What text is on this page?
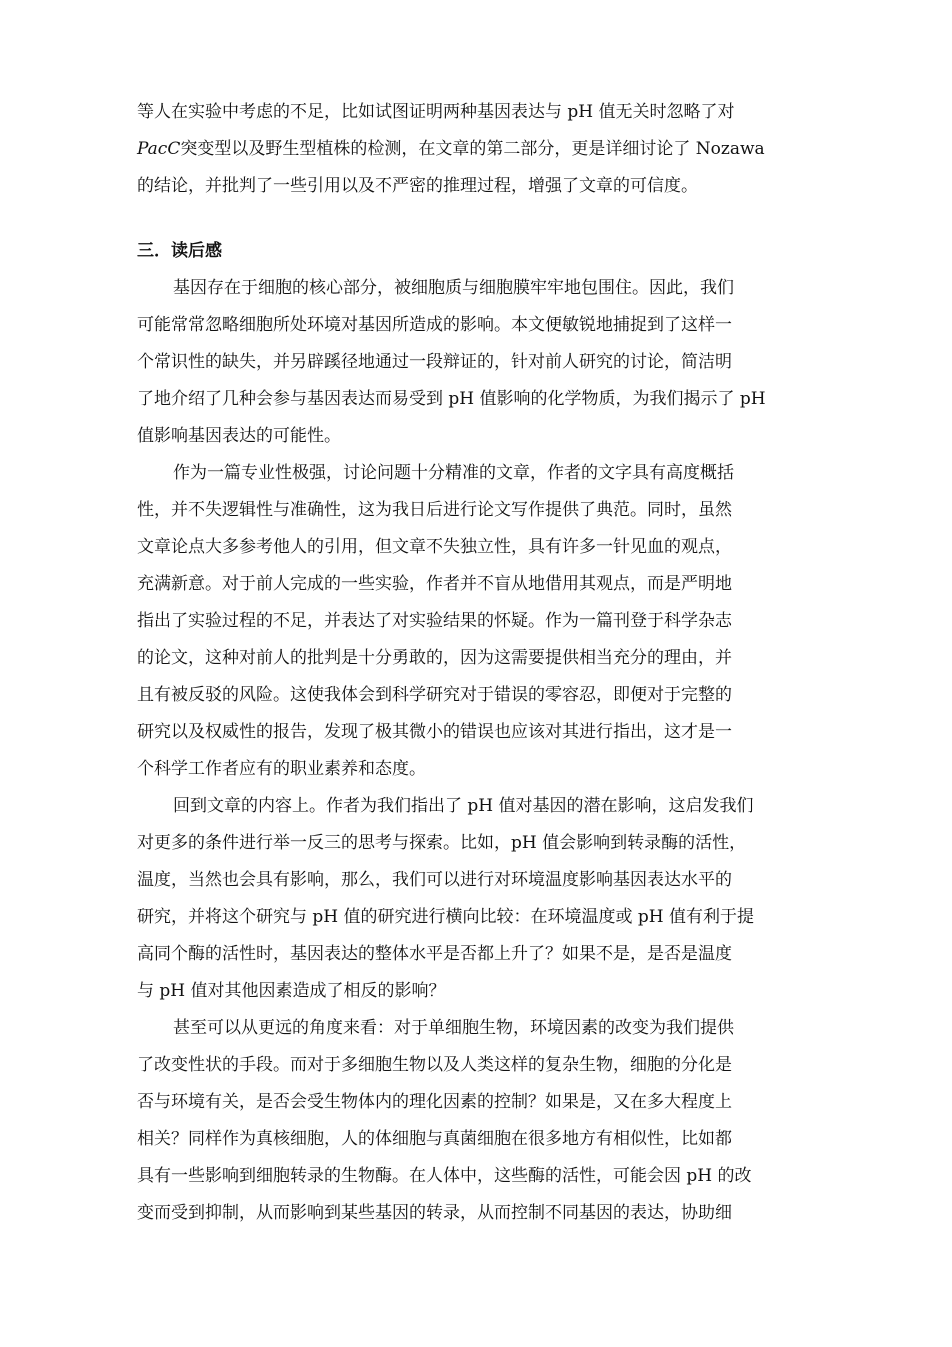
等人在实验中考虑的不足，比如试图证明两种基因表达与 pH 值无关时忽略了对
PacC突变型以及野生型植株的检测，在文章的第二部分，更是详细讨论了 Nozawa
的结论，并批判了一些引用以及不严密的推理过程，增强了文章的可信度。
三．读后感
基因存在于细胞的核心部分，被细胞质与细胞膜牢牢地包围住。因此，我们
可能常常忽略细胞所处环境对基因所造成的影响。本文便敏锐地捕捉到了这样一
个常识性的缺失，并另辟蹊径地通过一段辩证的，针对前人研究的讨论，简洁明
了地介绍了几种会参与基因表达而易受到 pH 值影响的化学物质，为我们揭示了 pH
值影响基因表达的可能性。
作为一篇专业性极强，讨论问题十分精准的文章，作者的文字具有高度概括
性，并不失逻辑性与准确性，这为我日后进行论文写作提供了典范。同时，虽然
文章论点大多参考他人的引用，但文章不失独立性，具有许多一针见血的观点，
充满新意。对于前人完成的一些实验，作者并不盲从地借用其观点，而是严明地
指出了实验过程的不足，并表达了对实验结果的怀疑。作为一篇刊登于科学杂志
的论文，这种对前人的批判是十分勇敢的，因为这需要提供相当充分的理由，并
且有被反驳的风险。这使我体会到科学研究对于错误的零容忍，即便对于完整的
研究以及权威性的报告，发现了极其微小的错误也应该对其进行指出，这才是一
个科学工作者应有的职业素养和态度。
回到文章的内容上。作者为我们指出了 pH 值对基因的潜在影响，这启发我们
对更多的条件进行举一反三的思考与探索。比如，pH 值会影响到转录酶的活性，
温度，当然也会具有影响，那么，我们可以进行对环境温度影响基因表达水平的
研究，并将这个研究与 pH 值的研究进行横向比较：在环境温度或 pH 值有利于提
高同个酶的活性时，基因表达的整体水平是否都上升了？如果不是，是否是温度
与 pH 值对其他因素造成了相反的影响？
甚至可以从更远的角度来看：对于单细胞生物，环境因素的改变为我们提供
了改变性状的手段。而对于多细胞生物以及人类这样的复杂生物，细胞的分化是
否与环境有关，是否会受生物体内的理化因素的控制？如果是，又在多大程度上
相关？同样作为真核细胞，人的体细胞与真菌细胞在很多地方有相似性，比如都
具有一些影响到细胞转录的生物酶。在人体中，这些酶的活性，可能会因 pH 的改
变而受到抑制，从而影响到某些基因的转录，从而控制不同基因的表达，协助细
